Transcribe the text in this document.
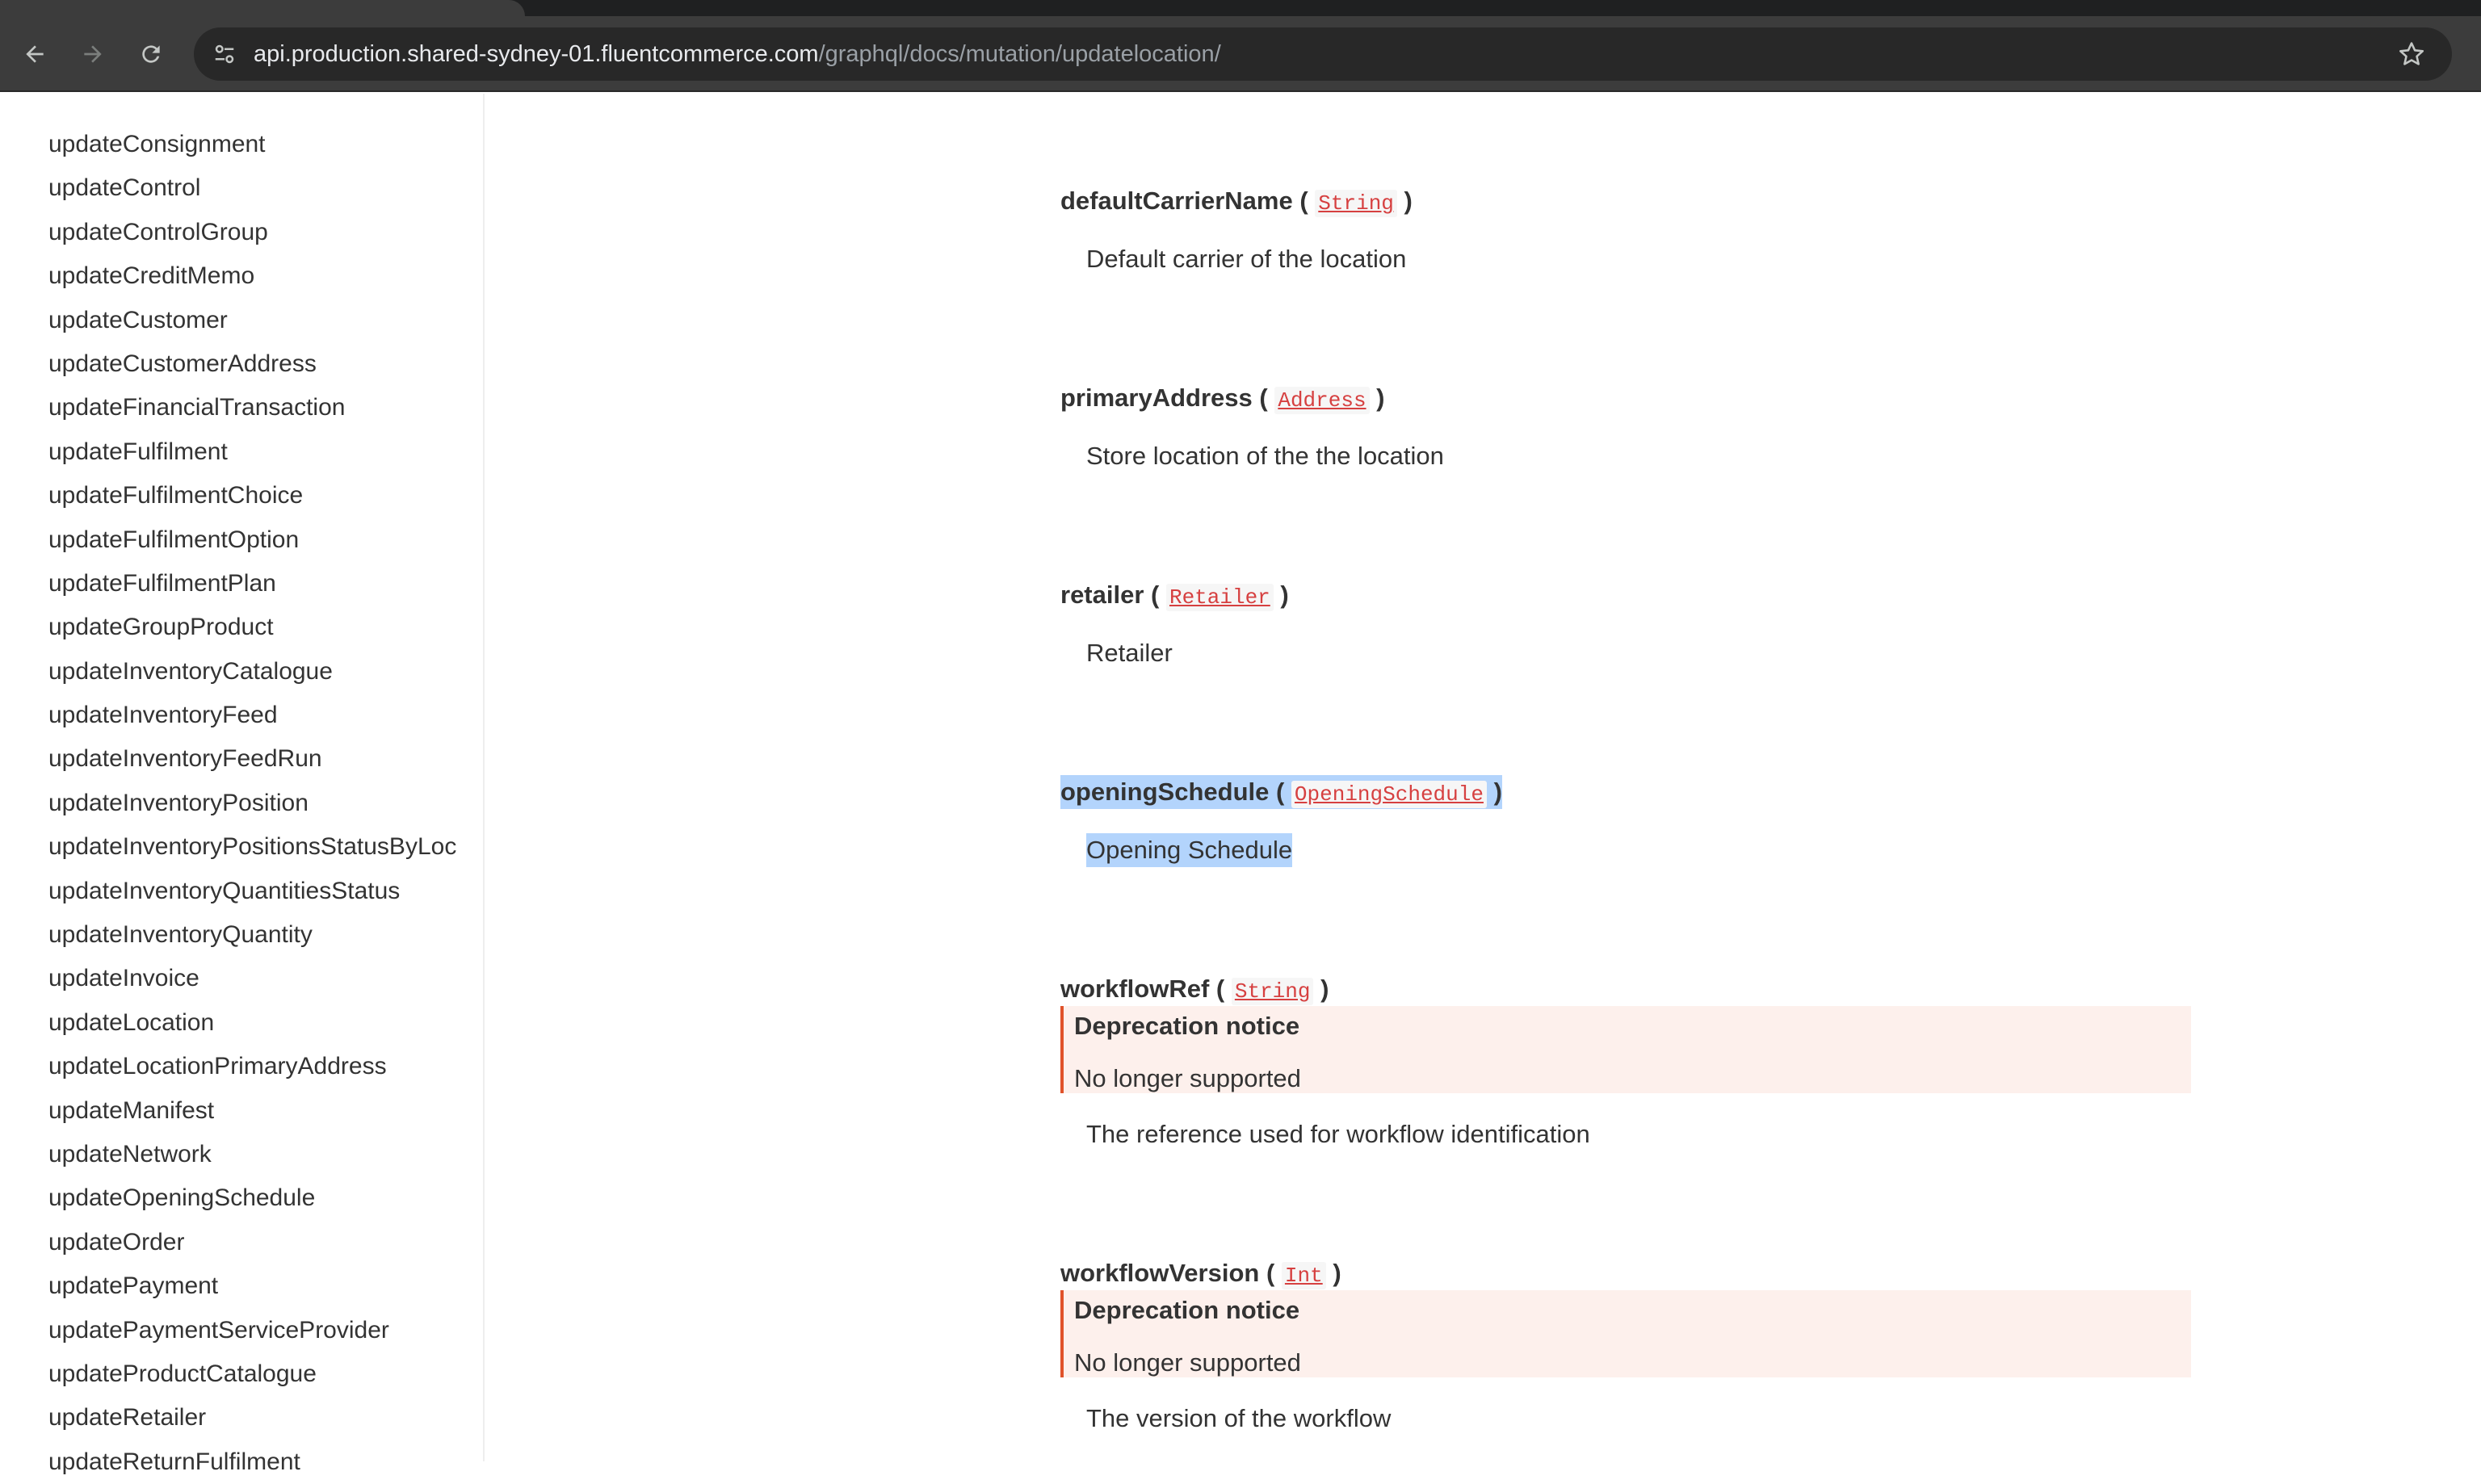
api.production.shared-sydney-01.fluentcommerce.com/graphql/docs/mutation/updatelocation/
updateConsignment
updateControl
updateControlGroup
updateCreditMemo
updateCustomer
updateCustomerAddress
updateFinancialTransaction
updateFulfilment
updateFulfilmentChoice
updateFulfilmentOption
updateFulfilmentPlan
updateGroupProduct
updateInventoryCatalogue
updateInventoryFeed
updateInventoryFeedRun
updateInventoryPosition
updateInventoryPositionsStatusByLoc
updateInventoryQuantitiesStatus
updateInventoryQuantity
updateInvoice
updateLocation
updateLocationPrimaryAddress
updateManifest
updateNetwork
updateOpeningSchedule
updateOrder
updatePayment
updatePaymentServiceProvider
updateProductCatalogue
updateRetailer
updateReturnFulfilment
defaultCarrierName ( String )
Default carrier of the location
primaryAddress ( Address )
Store location of the the location
retailer ( Retailer )
Retailer
openingSchedule ( OpeningSchedule )
Opening Schedule
workflowRef ( String )
Deprecation notice
No longer supported
The reference used for workflow identification
workflowVersion ( Int )
Deprecation notice
No longer supported
The version of the workflow
